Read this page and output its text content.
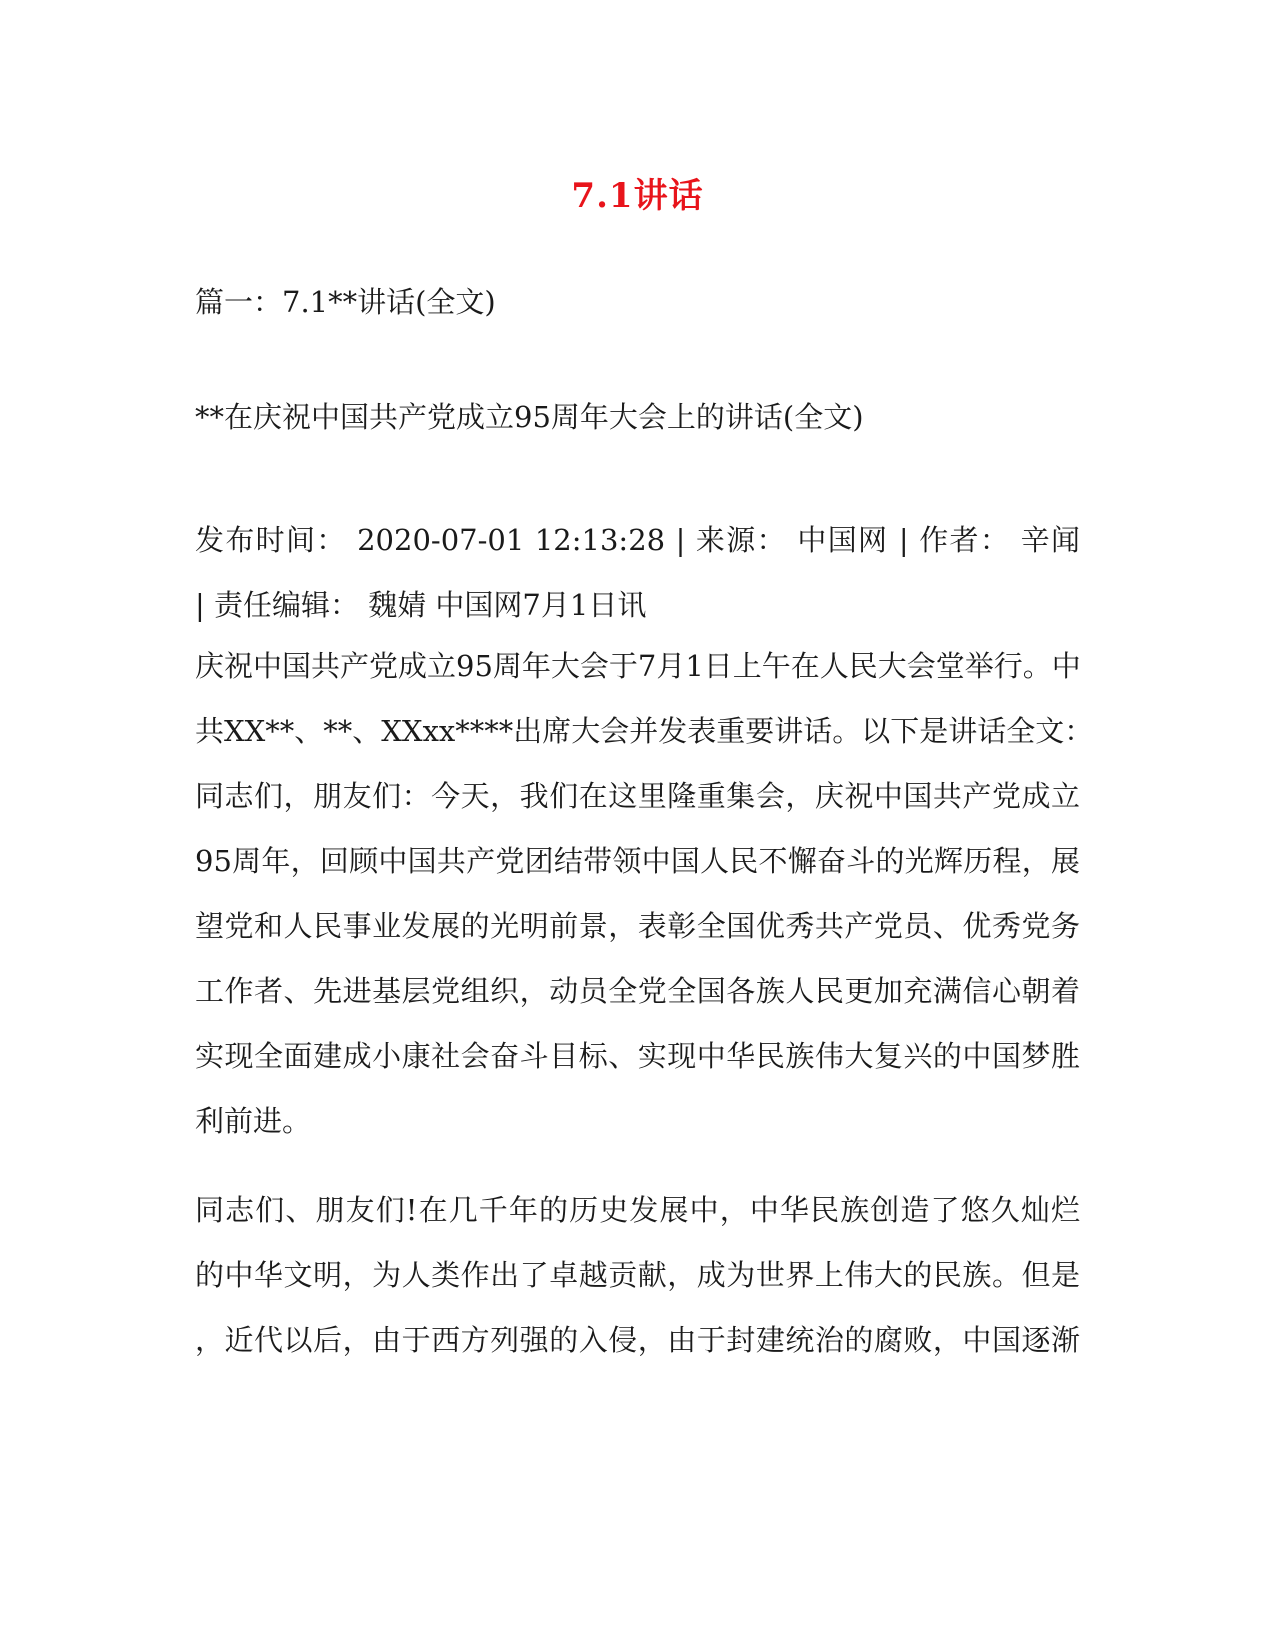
7.1讲话
篇一：7.1**讲话(全文)
**在庆祝中国共产党成立95周年大会上的讲话(全文)
发布时间： 2020-07-01 12:13:28 | 来源： 中国网 | 作者： 辛闻
| 责任编辑： 魏婧 中国网7月1日讯
庆祝中国共产党成立95周年大会于7月1日上午在人民大会堂举行。中
共XX**、**、XXxx****出席大会并发表重要讲话。以下是讲话全文：
同志们，朋友们：今天，我们在这里隆重集会，庆祝中国共产党成立
95周年，回顾中国共产党团结带领中国人民不懈奋斗的光辉历程，展
望党和人民事业发展的光明前景，表彰全国优秀共产党员、优秀党务
工作者、先进基层党组织，动员全党全国各族人民更加充满信心朝着
实现全面建成小康社会奋斗目标、实现中华民族伟大复兴的中国梦胜
利前进。
同志们、朋友们!在几千年的历史发展中，中华民族创造了悠久灿烂
的中华文明，为人类作出了卓越贡献，成为世界上伟大的民族。但是
，近代以后，由于西方列强的入侵，由于封建统治的腐败，中国逐渐
